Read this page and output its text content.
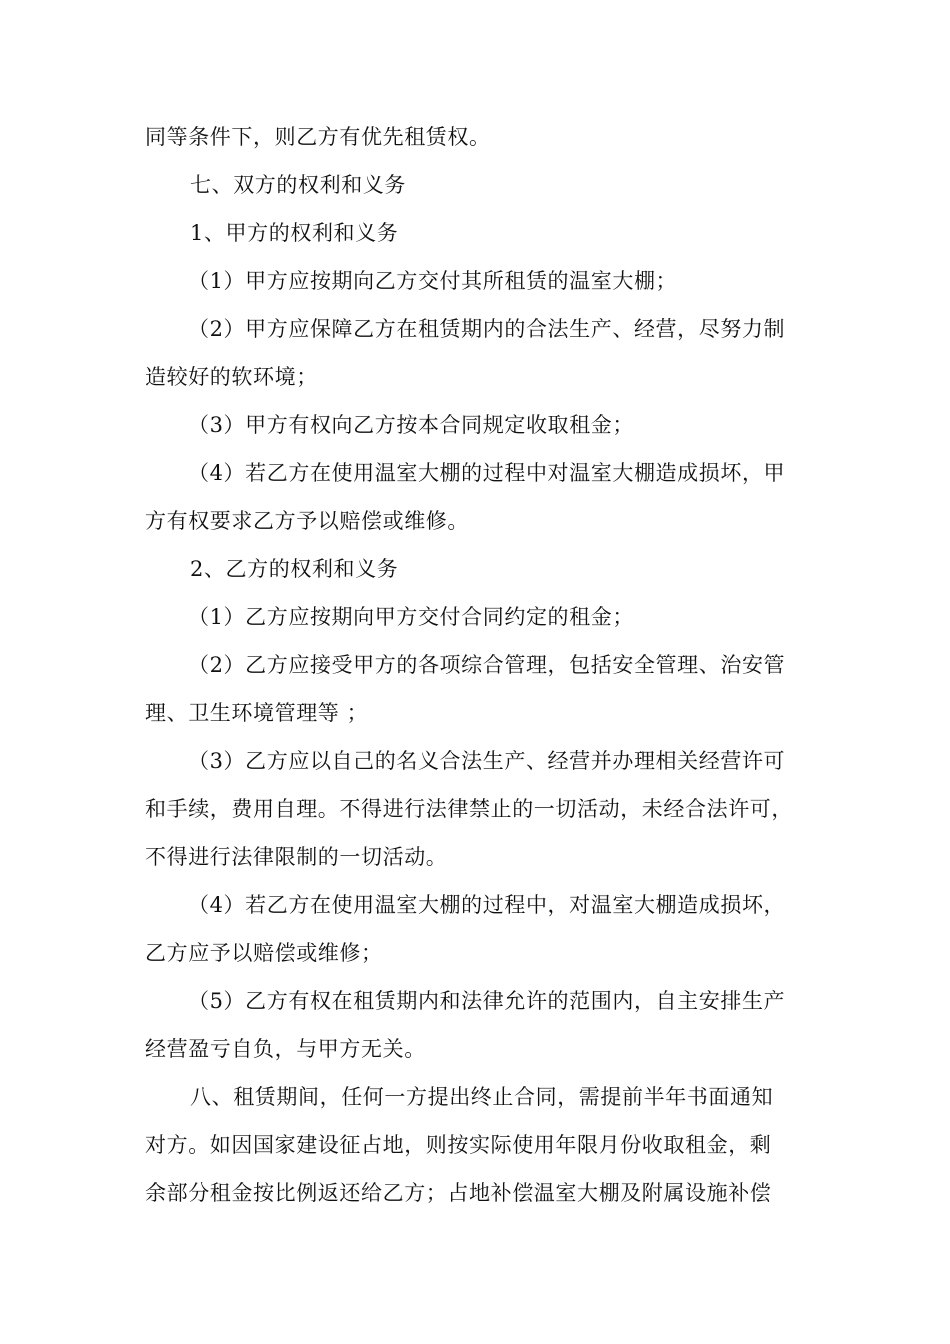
同等条件下，则乙方有优先租赁权。
七、双方的权利和义务
1、甲方的权利和义务
（1）甲方应按期向乙方交付其所租赁的温室大棚；
（2）甲方应保障乙方在租赁期内的合法生产、经营，尽努力制
造较好的软环境；
（3）甲方有权向乙方按本合同规定收取租金；
（4）若乙方在使用温室大棚的过程中对温室大棚造成损坏，甲
方有权要求乙方予以赔偿或维修。
2、乙方的权利和义务
（1）乙方应按期向甲方交付合同约定的租金；
（2）乙方应接受甲方的各项综合管理，包括安全管理、治安管
理、卫生环境管理等 ；
（3）乙方应以自己的名义合法生产、经营并办理相关经营许可
和手续，费用自理。不得进行法律禁止的一切活动，未经合法许可，
不得进行法律限制的一切活动。
（4）若乙方在使用温室大棚的过程中，对温室大棚造成损坏，
乙方应予以赔偿或维修；
（5）乙方有权在租赁期内和法律允许的范围内，自主安排生产
经营盈亏自负，与甲方无关。
八、租赁期间，任何一方提出终止合同，需提前半年书面通知
对方。如因国家建设征占地，则按实际使用年限月份收取租金，剩
余部分租金按比例返还给乙方；占地补偿温室大棚及附属设施补偿
